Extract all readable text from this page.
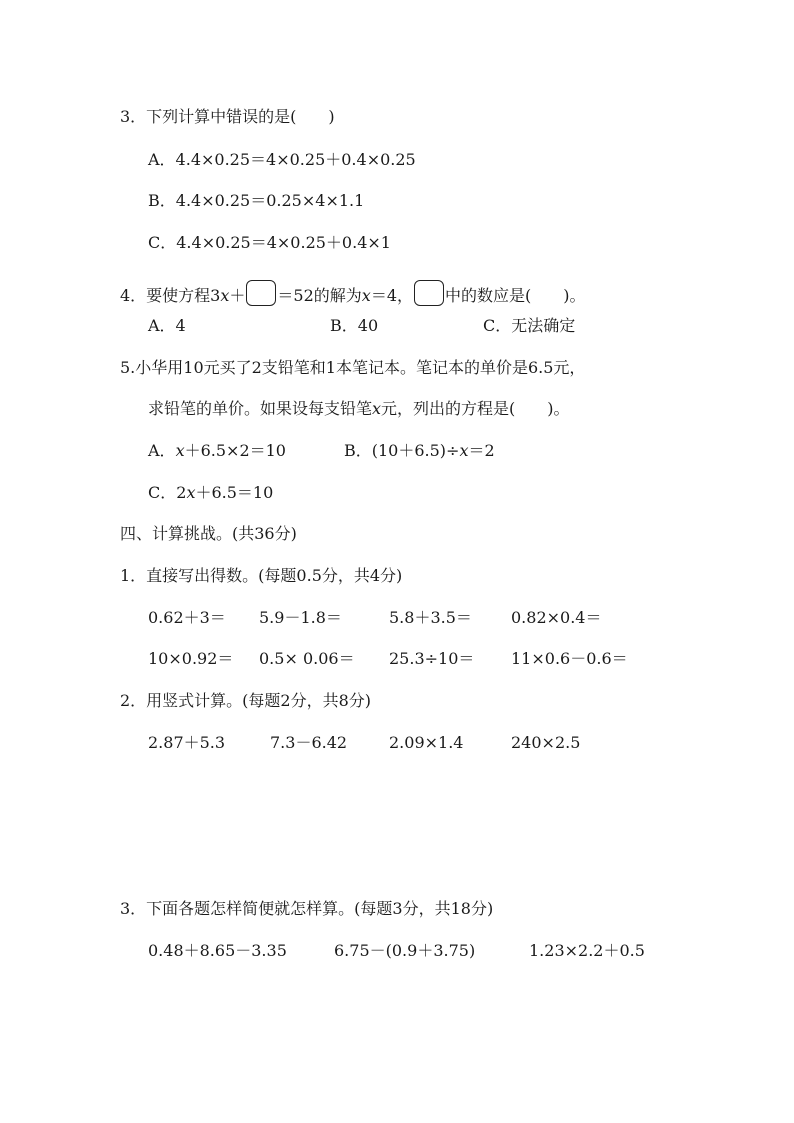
3．下列计算中错误的是(　　)
A．4.4×0.25＝4×0.25＋0.4×0.25
B．4.4×0.25＝0.25×4×1.1
C．4.4×0.25＝4×0.25＋0.4×1
4．要使方程3x＋ ＝52的解为x＝4， 中的数应是(　　)。
A．4	B．40	C．无法确定
5.小华用10元买了2支铅笔和1本笔记本。笔记本的单价是6.5元，
求铅笔的单价。如果设每支铅笔x元，列出的方程是(　　)。
A．x＋6.5×2＝10	B．(10＋6.5)÷x＝2
C．2x＋6.5＝10
四、计算挑战。(共36分)
1．直接写出得数。(每题0.5分，共4分)
0.62＋3＝ 5.9－1.8＝	5.8＋3.5＝ 0.82×0.4＝
10×0.92＝ 0.5× 0.06＝ 25.3÷10＝ 11×0.6－0.6＝
2．用竖式计算。(每题2分，共8分)
2.87＋5.3	7.3－6.42	2.09×1.4	240×2.5
3．下面各题怎样简便就怎样算。(每题3分，共18分)
0.48＋8.65－3.35	6.75－(0.9＋3.75)	1.23×2.2＋0.5
